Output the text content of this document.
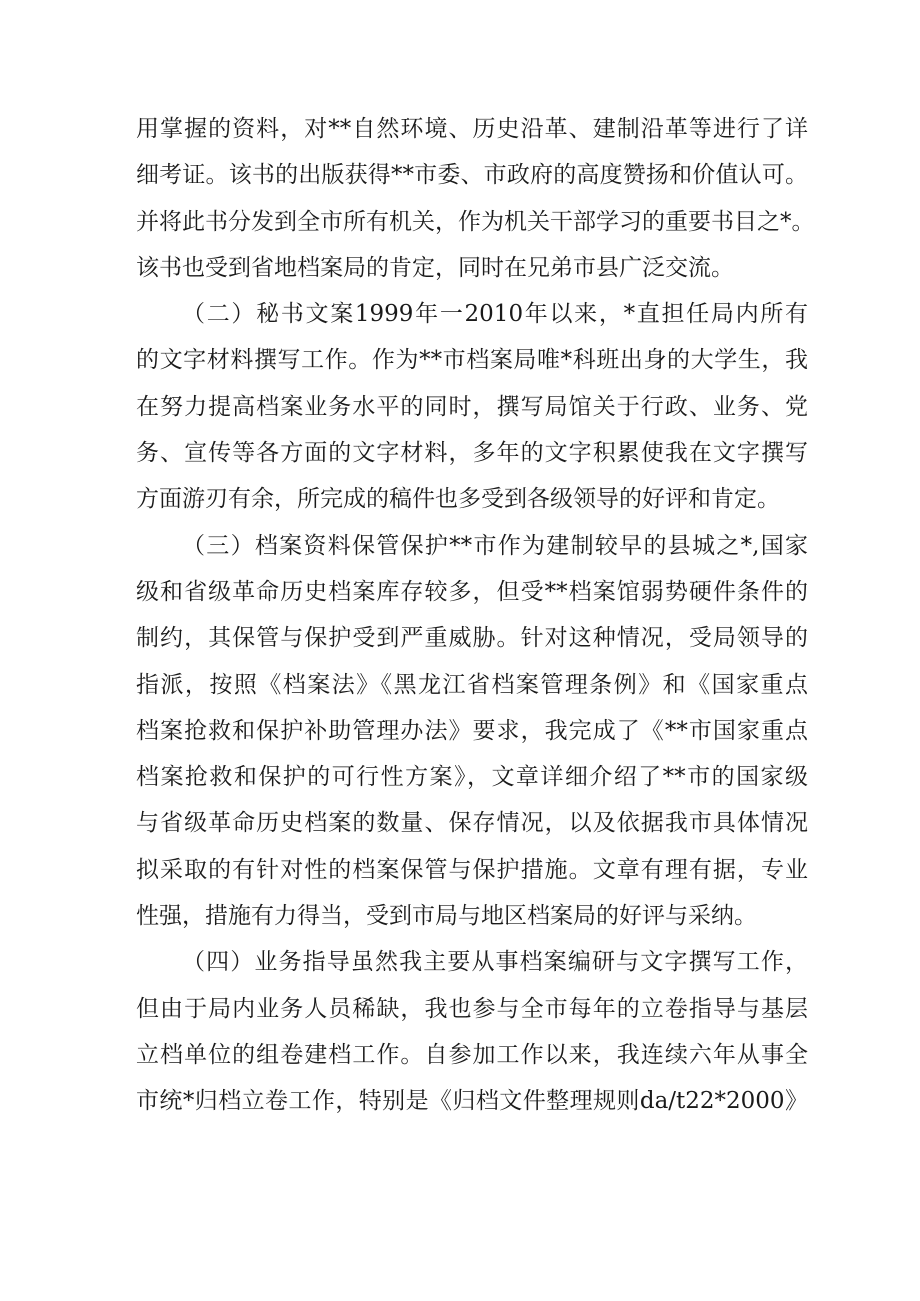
用掌握的资料，对**自然环境、历史沿革、建制沿革等进行了详
细考证。该书的出版获得**市委、市政府的高度赞扬和价值认可。
并将此书分发到全市所有机关，作为机关干部学习的重要书目之*。
该书也受到省地档案局的肯定，同时在兄弟市县广泛交流。
（二）秘书文案1999年一2010年以来，*直担任局内所有
的文字材料撰写工作。作为**市档案局唯*科班出身的大学生，我
在努力提高档案业务水平的同时，撰写局馆关于行政、业务、党
务、宣传等各方面的文字材料，多年的文字积累使我在文字撰写
方面游刃有余，所完成的稿件也多受到各级领导的好评和肯定。
（三）档案资料保管保护**市作为建制较早的县城之*,国家
级和省级革命历史档案库存较多，但受**档案馆弱势硬件条件的
制约，其保管与保护受到严重威胁。针对这种情况，受局领导的
指派，按照《档案法》《黑龙江省档案管理条例》和《国家重点
档案抢救和保护补助管理办法》要求，我完成了《**市国家重点
档案抢救和保护的可行性方案》，文章详细介绍了**市的国家级
与省级革命历史档案的数量、保存情况，以及依据我市具体情况
拟采取的有针对性的档案保管与保护措施。文章有理有据，专业
性强，措施有力得当，受到市局与地区档案局的好评与采纳。
（四）业务指导虽然我主要从事档案编研与文字撰写工作，
但由于局内业务人员稀缺，我也参与全市每年的立卷指导与基层
立档单位的组卷建档工作。自参加工作以来，我连续六年从事全
市统*归档立卷工作，特别是《归档文件整理规则da/t22*2000》
